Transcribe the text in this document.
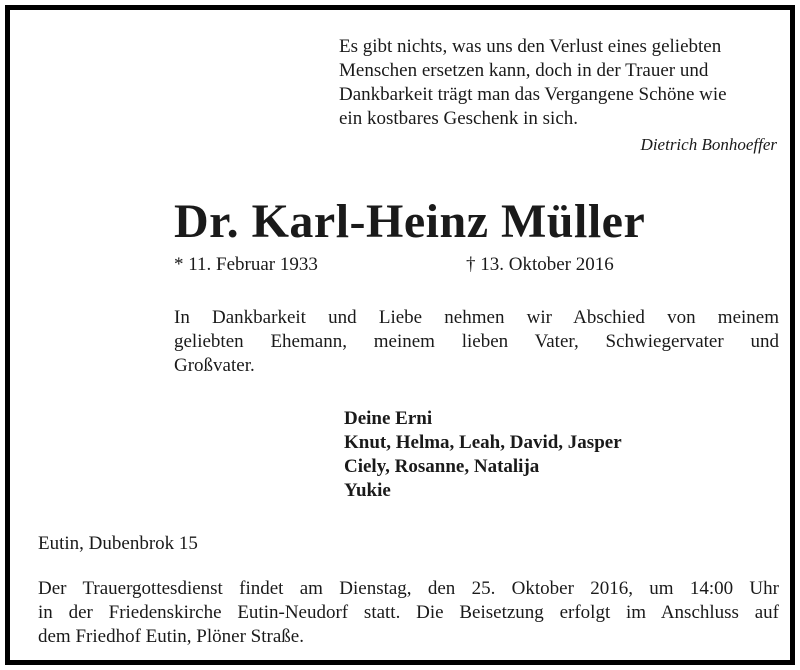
Es gibt nichts, was uns den Verlust eines geliebten
Menschen ersetzen kann, doch in der Trauer und
Dankbarkeit trägt man das Vergangene Schöne wie
ein kostbares Geschenk in sich.
Dietrich Bonhoeffer
Dr. Karl-Heinz Müller
* 11. Februar 1933	† 13. Oktober 2016
In Dankbarkeit und Liebe nehmen wir Abschied von meinem
geliebten Ehemann, meinem lieben Vater, Schwiegervater und
Großvater.
Deine Erni
Knut, Helma, Leah, David, Jasper
Ciely, Rosanne, Natalija
Yukie
Eutin, Dubenbrok 15
Der Trauergottesdienst findet am Dienstag, den 25. Oktober 2016, um 14:00 Uhr
in der Friedenskirche Eutin-Neudorf statt. Die Beisetzung erfolgt im Anschluss auf
dem Friedhof Eutin, Plöner Straße.
